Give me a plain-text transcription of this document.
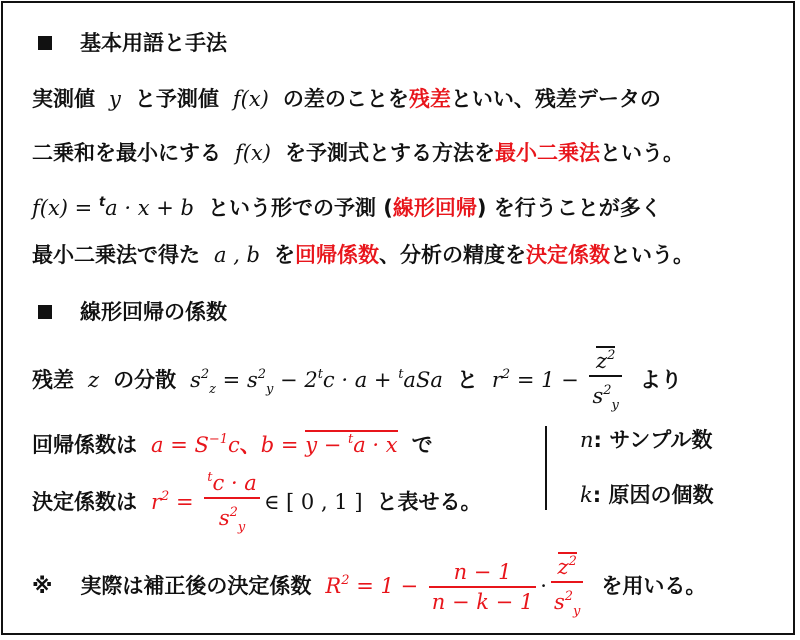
基本用語と手法
実測値 y と予測値 f(x) の差のことを残差といい、残差データの
二乗和を最小にする f(x) を予測式とする方法を最小二乗法という。
f(x) = $^t$a · x + b という形での予測 (線形回帰) を行うことが多く
最小二乗法で得た a , b を回帰係数、分析の精度を決定係数という。
線形回帰の係数
残差 z の分散 $s^2_z = s^2_y - 2^tc \cdot a + ^taSa$ と $r^2 = 1 - \frac{z^2}{s^2_y}$ より
回帰係数は $a = S^{-1}c$、b = y − $^t$a · x で
決定係数は $r^2 = \frac{^tc \cdot a}{s^2_y}$ ∈ [ 0 , 1 ] と表せる。
n: サンプル数
k: 原因の個数
※ 実際は補正後の決定係数 $R^2 = 1 - \frac{n - 1}{n - k - 1} \cdot \frac{z^2}{s^2_y}$ を用いる。
